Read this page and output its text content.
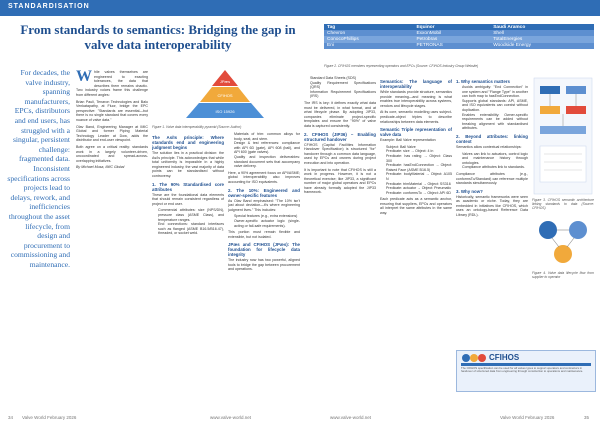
STANDARDISATION
From standards to semantics: Bridging the gap in valve data interoperability
For decades, the valve industry, spanning manufacturers, EPCs, distributors and end users, has struggled with a singular, persistent challenge: fragmented data. Inconsistent specifications across projects lead to delays, rework, and inefficiencies throughout the asset lifecycle, from design and procurement to commissioning and maintenance.

While valves themselves are engineered to exacting tolerances, the data that describes them remains chaotic. Two industry voices frame this challenge from different angles:

Brian Pauli, Tenaron Technologies and Balu Venkatapathy, at Fluor, bridge the EPC perspective: "Standards are essential—but there is no single standard that covers every nuance of valve data."

Olav Band, Engineering Manager at IMIC Global and former Piping Material Technology Leader at Dow, adds the distributor and end-user viewpoint.

Both agree on a critical reality: standards work in a largely volunteer-driven, uncoordinated and spread-across-overlapping initiatives.

By Michael Musa, IMIC Global

JPæs
CFIHOS
ISO 15926
Figure 1. Valve data interoperability pyramid (Source: Author)
The As/Is principle: Where standards end and engineering judgment begins

The solution lies in a practical division: the As/Is principle. This acknowledges that while total uniformity is impossible in a highly engineered industry, the vast majority of data points can be standardised without controversy.

1. The 90% Standardised core attributes

These are the foundational data elements that should remain consistent regardless of project or end user.

• Commercial attributes: size (NPS/DN), pressure class (ASME Class), and temperature ranges.
• End connections: standard interfaces such as flanged (ASME B16.5/B16.47), threaded, or socket weld.
• Materials of trim: common alloys for body, seat, and stem.
• Design & test references: compliance with API 6D (gate), API 608 (ball), and API 600 (gate valves).
• Quality and inspection deliverables: standard document sets that accompany valve delivery.

Here, a 90% agreement focus on API/ASME; global interoperability also improves accounting for ISO equivalents.

2. The 10%: Engineered and owner-specific features

As Olav Band emphasised: "The 10% isn't just about deviation—it's where engineering judgment lives." This includes:

• Special features (e.g., extra extensions)
• Owner-specific actuator logic (single-acting or fail-safe requirements).

This portion must remain flexible and extensible, but not isolated.

JPæs and CFIHOS (JPæs): The foundation for lifecycle data integrity

The industry now has two powerful, aligned tools to bridge the gap between procurement and operations.

Tag	Equinor	Saudi Aramco
Chevron	ExxonMobil	Shell
ConocoPhillips	Petrobras	TotalEnergies
Eni	PETRONAS	Woodside Energy
Figure 2. CFIHOS members representing operators and EPCs (Source: CFIHOS Industry Group Website)
• Standard Data Sheets (SDS)
• Quality Requirement Specifications (QRS)
• Information Requirement Specifications (IRS)

The IRS is key: it defines exactly what data must be delivered, in what format, and at what lifecycle phase. By adopting JIP33, companies eliminate project-specific templates and ensure the "90%" of valve data is captured consistently.

2. CFIHOS (JIP36) – Enabling structured handover

CFIHOS (Capital Facilities Information Handover Specification) is structured "for" handover through a common data language, used by EPCs and owners during project execution and into operation.

It is important to note that CFIHOS is still a work in progress. However, it is not a theoretical exercise; like JIP33, a significant number of major global operators and EPCs have already formally adopted the JIP33 framework.

Semantics: The language of interoperability

While standards provide structure, semantics provide meaning—and meaning is what enables true interoperability across systems, vendors and lifecycle stages.

At its core, semantic modelling uses subject-predicate-object triples to describe relationships between data elements.

Semantic Triple representation of valve data

Example: Ball Valve representation

• Subject: Ball Valve
• Predicate: size → Object: 4 in
• Predicate: has rating → Object: Class 300
• Predicate: hasEndConnection → Object: Raised Face (ASME B16.5)
• Predicate: bodyMaterial → Object: A105 N
• Predicate: trimMaterial → Object: SS316
• Predicate: actuator → Object: Pneumatic
• Predicate: conformsTo → Object: API 6D

Each predicate acts as a semantic anchor, ensuring that suppliers, EPCs and operators all interpret the same attributes in the same way.

1. Why semantics matters
• Avoids ambiguity: "End Connection" in one system and "Flange Type" in another can both map to hasEndConnection.
• Supports global standards: API, ASME, and ISO equivalents can coexist without duplication.
• Enables extensibility: Owner-specific requirements can be added without breaking alignment with standardised attributes.
2. Beyond attributes: linking context

Semantics allow contextual relationships:

• Valves can link to actuators, control logic and maintenance history through ontologies.
• Compliance attributes link to standards.

Compliance attributes (e.g., conformsTo/Standard) can reference multiple standards simultaneously.

3. Why now?

Historically, semantic frameworks were seen as academic or niche. Today, they are embedded in initiatives like CFIHOS, which uses an ontology-based Reference Data Library (RDL).

Figure 3. CFIHOS semantic architecture linking standards to data (Source: CFIHOS)
Figure 4. Valve data lifecycle flow from supplier to operator
CFIHOS
The CFIHOS specification can be used for all valves types to support operators and contractors in handover of structured data from engineering through construction to operations and maintenance.
34 Valve World February 2026	www.valve-world.net	www.valve-world.net	Valve World February 2026	35
